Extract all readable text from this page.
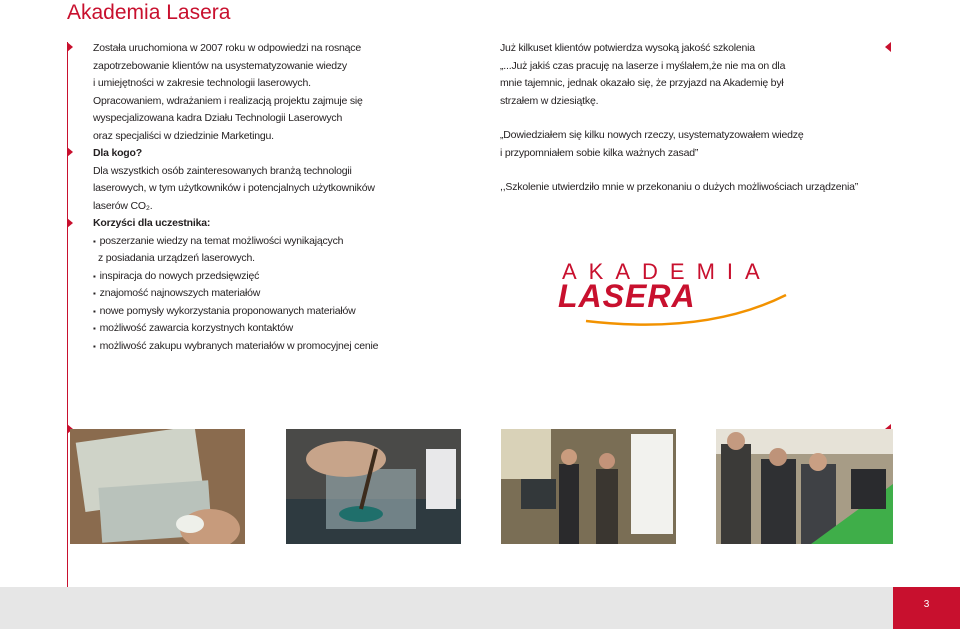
Akademia Lasera

Została uruchomiona w 2007 roku w odpowiedzi na rosnące

zapotrzebowanie klientów na usystematyzowanie wiedzy

i umiejętności w zakresie technologii laserowych.

Opracowaniem, wdrażaniem i realizacją projektu zajmuje się

wyspecjalizowana kadra Działu Technologii Laserowych

oraz specjaliści w dziedzinie Marketingu.

Dla kogo?

Dla wszystkich osób zainteresowanych branżą technologii

laserowych, w tym użytkowników i potencjalnych użytkowników

laserów CO₂.

Korzyści dla uczestnika:

▪ poszerzanie wiedzy na temat możliwości wynikających

z posiadania urządzeń laserowych.

▪ inspiracja do nowych przedsięwzięć

▪ znajomość najnowszych materiałów

▪ nowe pomysły wykorzystania proponowanych materiałów

▪ możliwość zawarcia korzystnych kontaktów

▪ możliwość zakupu wybranych materiałów w promocyjnej cenie

Już kilkuset klientów potwierdza wysoką jakość szkolenia

„...Już jakiś czas pracuję na laserze i myślałem,że nie ma on dla

mnie tajemnic, jednak okazało się, że przyjazd na Akademię był

strzałem w dziesiątkę.

„Dowiedziałem się kilku nowych rzeczy, usystematyzowałem wiedzę

i przypomniałem sobie kilka ważnych zasad”

,,Szkolenie utwierdziło mnie w przekonaniu o dużych możliwościach urządzenia”

AKADEMIA
LASERA
3
